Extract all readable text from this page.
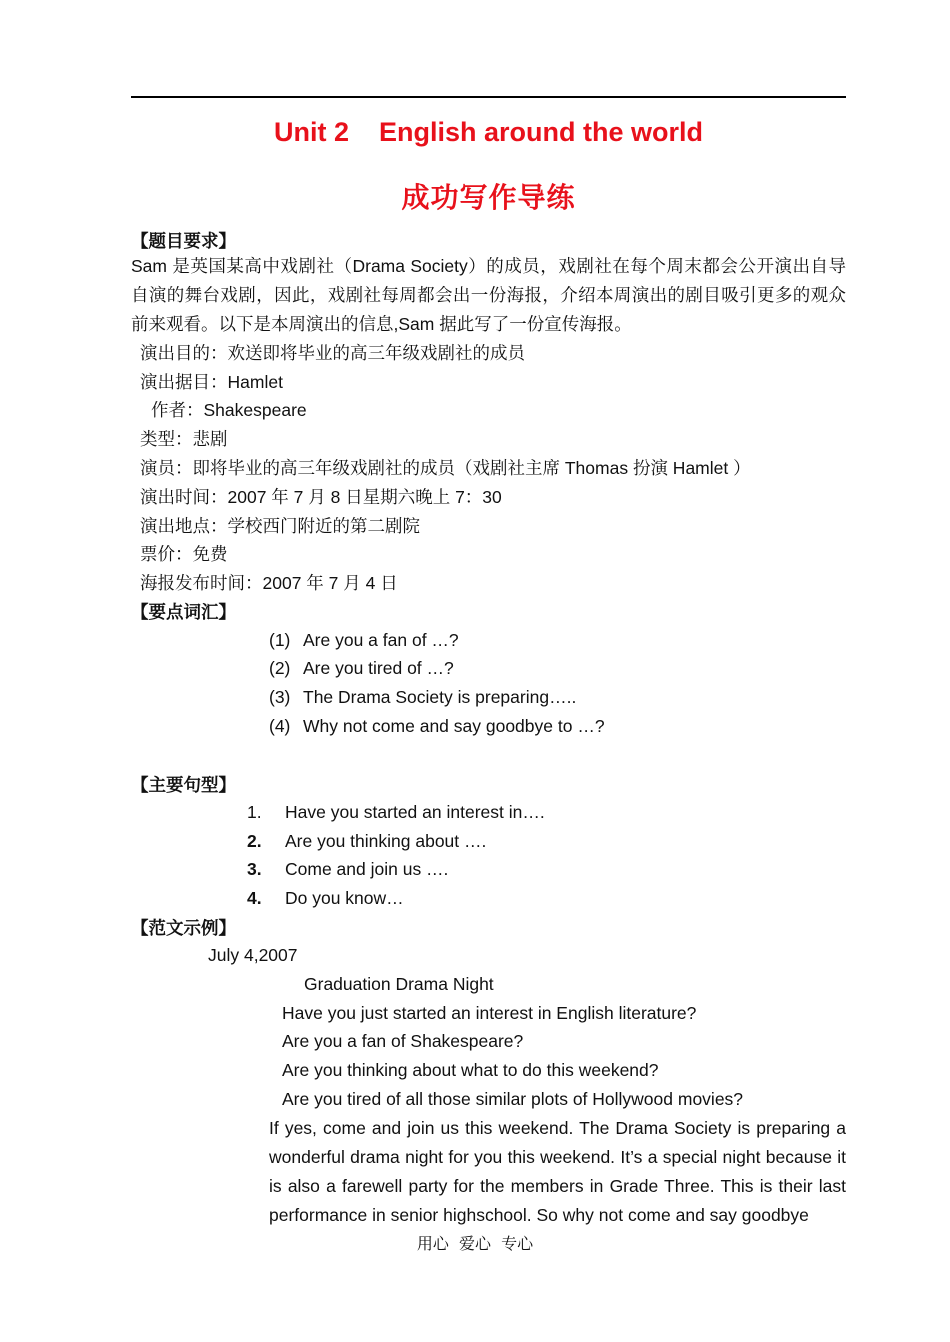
Unit 2    English around the world
成功写作导练
【题目要求】
Sam 是英国某高中戏剧社（Drama Society）的成员，戏剧社在每个周末都会公开演出自导自演的舞台戏剧，因此，戏剧社每周都会出一份海报，介绍本周演出的剧目吸引更多的观众前来观看。以下是本周演出的信息,Sam 据此写了一份宣传海报。
演出目的：欢送即将毕业的高三年级戏剧社的成员
演出据目：Hamlet
作者：Shakespeare
类型：悲剧
演员：即将毕业的高三年级戏剧社的成员（戏剧社主席 Thomas 扮演 Hamlet ）
演出时间：2007 年 7 月 8 日星期六晚上 7：30
演出地点：学校西门附近的第二剧院
票价：免费
海报发布时间：2007 年 7 月 4 日
【要点词汇】
(1) Are you a fan of …?
(2) Are you tired of …?
(3) The Drama Society is preparing…..
(4) Why not come and say goodbye to …?
【主要句型】
1. Have you started an interest in….
2. Are you thinking about ….
3. Come and join us ….
4. Do you know…
【范文示例】
July 4,2007
Graduation Drama Night
Have you just started an interest in English literature?
Are you a fan of Shakespeare?
Are you thinking about what to do this weekend?
Are you tired of all those similar plots of Hollywood movies?
If yes, come and join us this weekend. The Drama Society is preparing a wonderful drama night for you this weekend. It’s a special night because it is also a farewell party for the members in Grade Three. This is their last performance in senior highschool. So why not come and say goodbye
用心  爱心  专心
